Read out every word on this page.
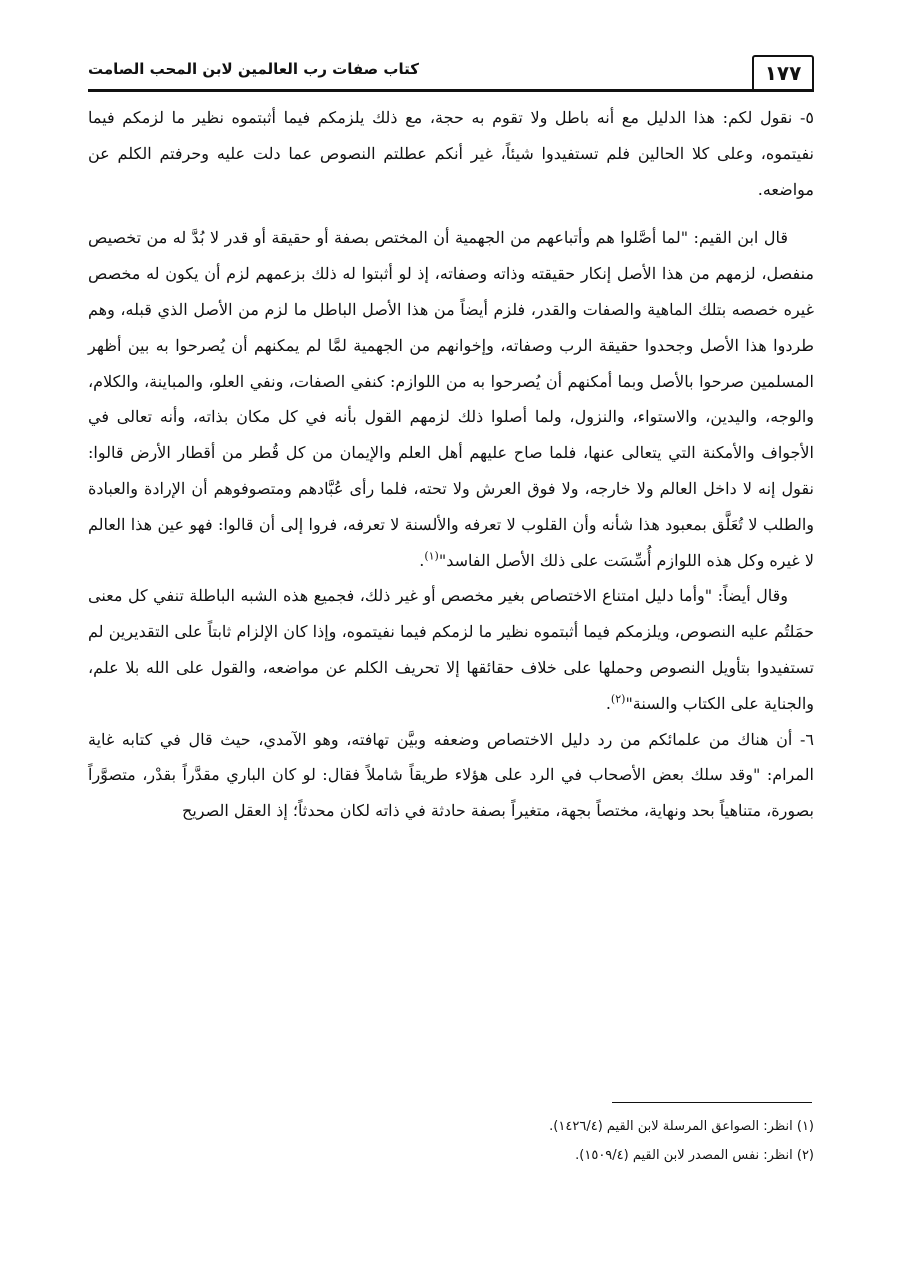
١٧٧
كتاب صفات رب العالمين لابن المحب الصامت

٥- نقول لكم: هذا الدليل مع أنه باطل ولا تقوم به حجة، مع ذلك يلزمكم فيما أثبتموه نظير ما لزمكم فيما نفيتموه، وعلى كلا الحالين فلم تستفيدوا شيئاً، غير أنكم عطلتم النصوص عما دلت عليه وحرفتم الكلم عن مواضعه.

قال ابن القيم: "لما أصَّلوا هم وأتباعهم من الجهمية أن المختص بصفة أو حقيقة أو قدر لا بُدَّ له من تخصيص منفصل، لزمهم من هذا الأصل إنكار حقيقته وذاته وصفاته، إذ لو أثبتوا له ذلك بزعمهم لزم أن يكون له مخصص غيره خصصه بتلك الماهية والصفات والقدر، فلزم أيضاً من هذا الأصل الباطل ما لزم من الأصل الذي قبله، وهم طردوا هذا الأصل وجحدوا حقيقة الرب وصفاته، وإخوانهم من الجهمية لمَّا لم يمكنهم أن يُصرحوا به بين أظهر المسلمين صرحوا بالأصل وبما أمكنهم أن يُصرحوا به من اللوازم: كنفي الصفات، ونفي العلو، والمباينة، والكلام، والوجه، واليدين، والاستواء، والنزول، ولما أصلوا ذلك لزمهم القول بأنه في كل مكان بذاته، وأنه تعالى في الأجواف والأمكنة التي يتعالى عنها، فلما صاح عليهم أهل العلم والإيمان من كل قُطر من أقطار الأرض قالوا: نقول إنه لا داخل العالم ولا خارجه، ولا فوق العرش ولا تحته، فلما رأى عُبَّادهم ومتصوفوهم أن الإرادة والعبادة والطلب لا تُعَلَّق بمعبود هذا شأنه وأن القلوب لا تعرفه والألسنة لا تعرفه، فروا إلى أن قالوا: فهو عين هذا العالم لا غيره وكل هذه اللوازم أُسِّسَت على ذلك الأصل الفاسد"$^{(١)}$.

وقال أيضاً: "وأما دليل امتناع الاختصاص بغير مخصص أو غير ذلك، فجميع هذه الشبه الباطلة تنفي كل معنى حمَلتُم عليه النصوص، ويلزمكم فيما أثبتموه نظير ما لزمكم فيما نفيتموه، وإذا كان الإلزام ثابتاً على التقديرين لم تستفيدوا بتأويل النصوص وحملها على خلاف حقائقها إلا تحريف الكلم عن مواضعه، والقول على الله بلا علم، والجناية على الكتاب والسنة"$^{(٢)}$.

٦- أن هناك من علمائكم من رد دليل الاختصاص وضعفه وبيَّن تهافته، وهو الآمدي، حيث قال في كتابه غاية المرام: "وقد سلك بعض الأصحاب في الرد على هؤلاء طريقاً شاملاً فقال: لو كان الباري مقدَّراً بقدْر، متصوَّراً بصورة، متناهياً بحد ونهاية، مختصاً بجهة، متغيراً بصفة حادثة في ذاته لكان محدثاً؛ إذ العقل الصريح

(١) انظر: الصواعق المرسلة لابن القيم (١٤٢٦/٤).
(٢) انظر: نفس المصدر لابن القيم (١٥٠٩/٤).
